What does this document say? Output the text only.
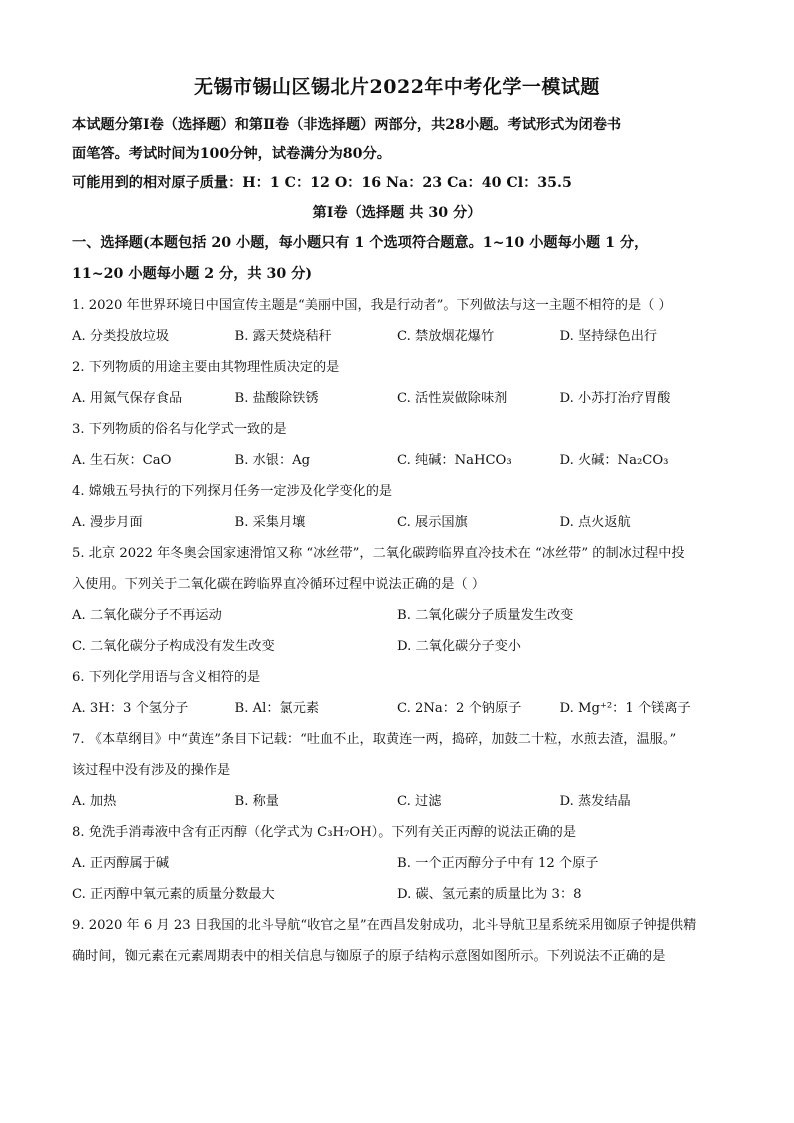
无锡市锡山区锡北片2022年中考化学一模试题

本试题分第Ⅰ卷（选择题）和第Ⅱ卷（非选择题）两部分，共28小题。考试形式为闭卷书

面笔答。考试时间为100分钟，试卷满分为80分。

可能用到的相对原子质量：H：1 C：12 O：16 Na：23 Ca：40 Cl：35.5

第Ⅰ卷（选择题 共 30 分）

一、选择题(本题包括 20 小题，每小题只有 1 个选项符合题意。1~10 小题每小题 1 分，

11~20 小题每小题 2 分，共 30 分)

1. 2020 年世界环境日中国宣传主题是“美丽中国，我是行动者”。下列做法与这一主题不相符的是（ ）

A. 分类投放垃圾	B. 露天焚烧秸秆	C. 禁放烟花爆竹	D. 坚持绿色出行

2. 下列物质的用途主要由其物理性质决定的是

A. 用氮气保存食品	B. 盐酸除铁锈	C. 活性炭做除味剂	D. 小苏打治疗胃酸

3. 下列物质的俗名与化学式一致的是

A. 生石灰：CaO	B. 水银：Ag	C. 纯碱：NaHCO₃	D. 火碱：Na₂CO₃

4. 嫦娥五号执行的下列探月任务一定涉及化学变化的是

A. 漫步月面	B. 采集月壤	C. 展示国旗	D. 点火返航

5. 北京 2022 年冬奥会国家速滑馆又称 “冰丝带”，二氧化碳跨临界直冷技术在 “冰丝带” 的制冰过程中投

入使用。下列关于二氧化碳在跨临界直冷循环过程中说法正确的是（ ）

A. 二氧化碳分子不再运动	B. 二氧化碳分子质量发生改变
C. 二氧化碳分子构成没有发生改变	D. 二氧化碳分子变小

6. 下列化学用语与含义相符的是

A. 3H：3 个氢分子	B. Al：氯元素	C. 2Na：2 个钠原子	D. Mg⁺²：1 个镁离子

7. 《本草纲目》中“黄连”条目下记载：“吐血不止，取黄连一两，捣碎，加鼓二十粒，水煎去渣，温服。”

该过程中没有涉及的操作是

A. 加热	B. 称量	C. 过滤	D. 蒸发结晶

8. 免洗手消毒液中含有正丙醇（化学式为 C₃H₇OH）。下列有关正丙醇的说法正确的是

A. 正丙醇属于碱	B. 一个正丙醇分子中有 12 个原子
C. 正丙醇中氧元素的质量分数最大	D. 碳、氢元素的质量比为 3：8

9. 2020 年 6 月 23 日我国的北斗导航“收官之星”在西昌发射成功，北斗导航卫星系统采用铷原子钟提供精

确时间，铷元素在元素周期表中的相关信息与铷原子的原子结构示意图如图所示。下列说法不正确的是
